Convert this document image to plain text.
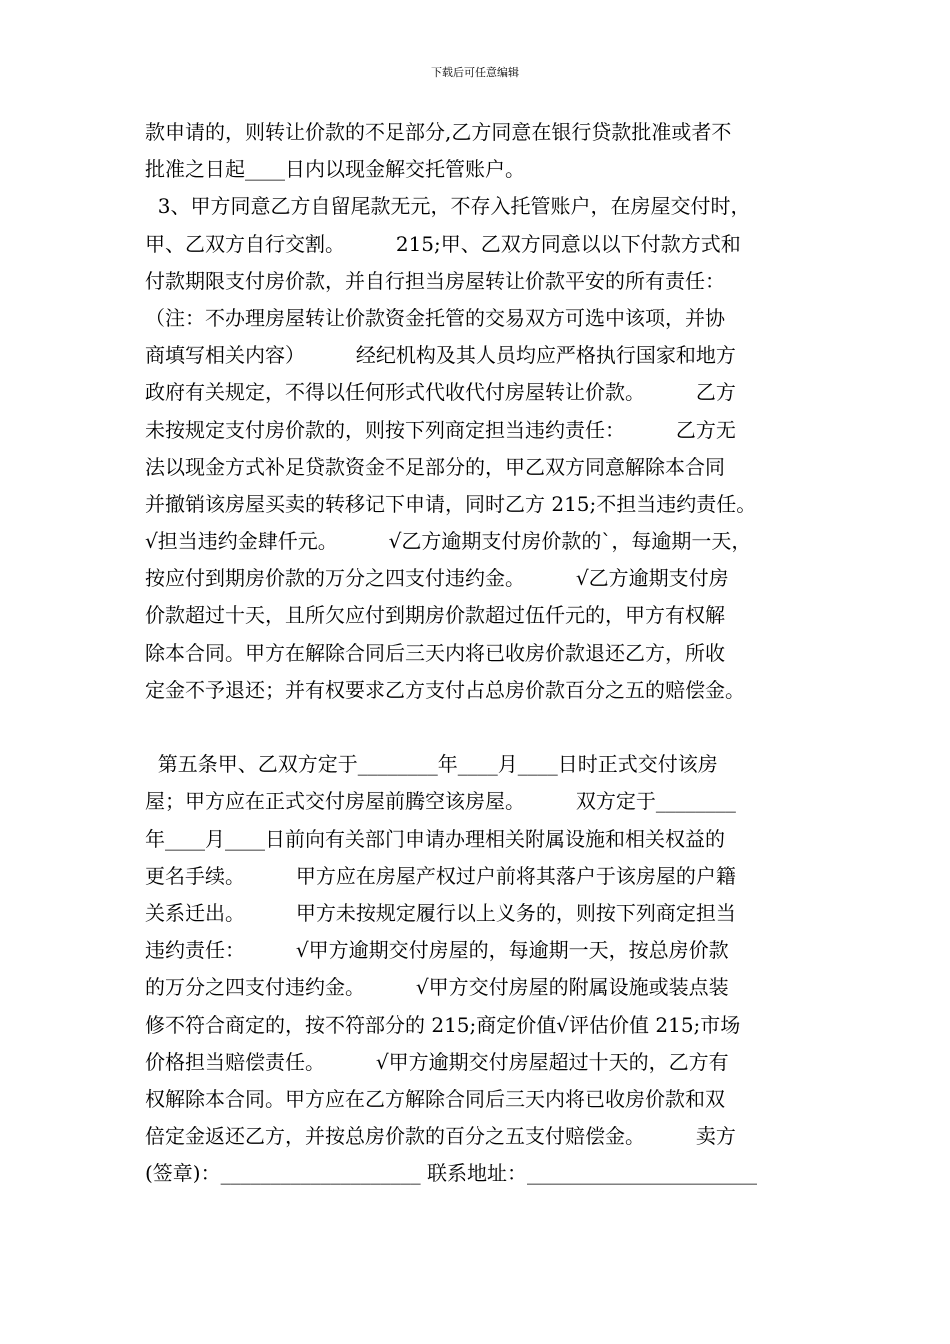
下载后可任意编辑
款申请的，则转让价款的不足部分,乙方同意在银行贷款批准或者不
批准之日起____日内以现金解交托管账户。
3、甲方同意乙方自留尾款无元，不存入托管账户，在房屋交付时，
甲、乙双方自行交割。        215;甲、乙双方同意以以下付款方式和
付款期限支付房价款，并自行担当房屋转让价款平安的所有责任：
（注：不办理房屋转让价款资金托管的交易双方可选中该项，并协
商填写相关内容）        经纪机构及其人员均应严格执行国家和地方
政府有关规定，不得以任何形式代收代付房屋转让价款。        乙方
未按规定支付房价款的，则按下列商定担当违约责任：        乙方无
法以现金方式补足贷款资金不足部分的，甲乙双方同意解除本合同
并撤销该房屋买卖的转移记下申请，同时乙方 215;不担当违约责任。
√担当违约金肆仟元。        √乙方逾期支付房价款的`，每逾期一天，
按应付到期房价款的万分之四支付违约金。        √乙方逾期支付房
价款超过十天，且所欠应付到期房价款超过伍仟元的，甲方有权解
除本合同。甲方在解除合同后三天内将已收房价款退还乙方，所收
定金不予退还；并有权要求乙方支付占总房价款百分之五的赔偿金。
第五条甲、乙双方定于________年____月____日时正式交付该房
屋；甲方应在正式交付房屋前腾空该房屋。        双方定于________
年____月____日前向有关部门申请办理相关附属设施和相关权益的
更名手续。        甲方应在房屋产权过户前将其落户于该房屋的户籍
关系迁出。        甲方未按规定履行以上义务的，则按下列商定担当
违约责任：        √甲方逾期交付房屋的，每逾期一天，按总房价款
的万分之四支付违约金。        √甲方交付房屋的附属设施或装点装
修不符合商定的，按不符部分的 215;商定价值√评估价值 215;市场
价格担当赔偿责任。        √甲方逾期交付房屋超过十天的，乙方有
权解除本合同。甲方应在乙方解除合同后三天内将已收房价款和双
倍定金返还乙方，并按总房价款的百分之五支付赔偿金。        卖方
(签章)：____________________ 联系地址：_______________________
